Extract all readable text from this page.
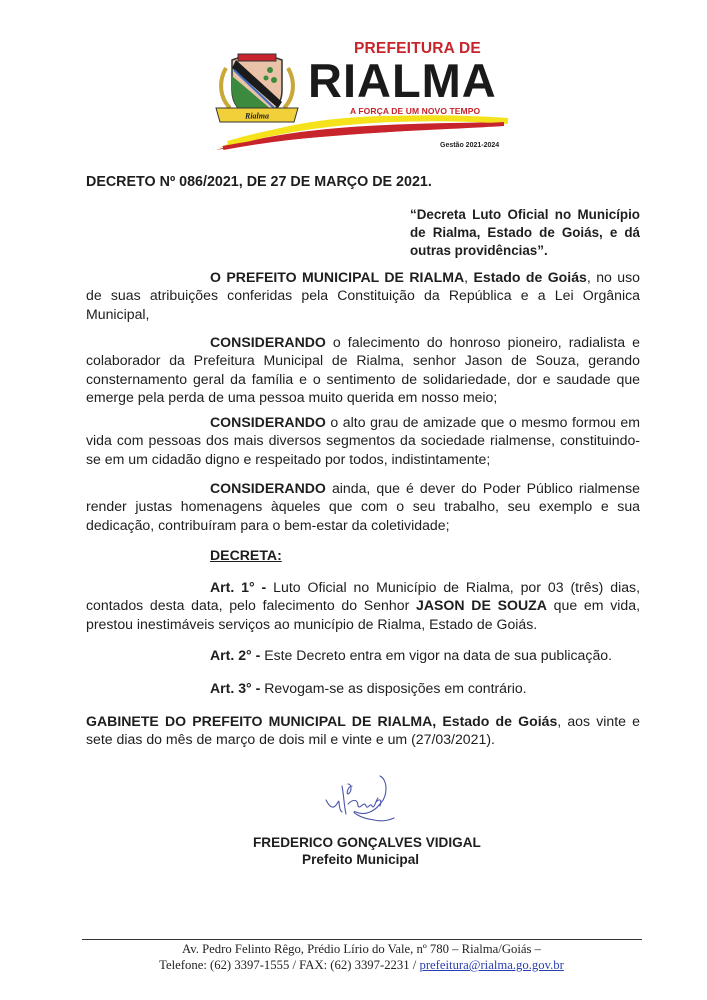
Rialma
PREFEITURA DE
RIALMA
A FORÇA DE UM NOVO TEMPO
Gestão 2021-2024
DECRETO Nº 086/2021, DE 27 DE MARÇO DE 2021.
“Decreta Luto Oficial no Município de Rialma, Estado de Goiás, e dá outras providências”.
O PREFEITO MUNICIPAL DE RIALMA, Estado de Goiás, no uso de suas atribuições conferidas pela Constituição da República e a Lei Orgânica Municipal,
CONSIDERANDO o falecimento do honroso pioneiro, radialista e colaborador da Prefeitura Municipal de Rialma, senhor Jason de Souza, gerando consternamento geral da família e o sentimento de solidariedade, dor e saudade que emerge pela perda de uma pessoa muito querida em nosso meio;
CONSIDERANDO o alto grau de amizade que o mesmo formou em vida com pessoas dos mais diversos segmentos da sociedade rialmense, constituindo-se em um cidadão digno e respeitado por todos, indistintamente;
CONSIDERANDO ainda, que é dever do Poder Público rialmense render justas homenagens àqueles que com o seu trabalho, seu exemplo e sua dedicação, contribuíram para o bem-estar da coletividade;
DECRETA:
Art. 1° - Luto Oficial no Município de Rialma, por 03 (três) dias, contados desta data, pelo falecimento do Senhor JASON DE SOUZA que em vida, prestou inestimáveis serviços ao município de Rialma, Estado de Goiás.
Art. 2° - Este Decreto entra em vigor na data de sua publicação.
Art. 3° - Revogam-se as disposições em contrário.
GABINETE DO PREFEITO MUNICIPAL DE RIALMA, Estado de Goiás, aos vinte e sete dias do mês de março de dois mil e vinte e um (27/03/2021).
FREDERICO GONÇALVES VIDIGAL
Prefeito Municipal
Av. Pedro Felinto Rêgo, Prédio Lírio do Vale, nº 780 – Rialma/Goiás –
Telefone: (62) 3397-1555 / FAX: (62) 3397-2231 / prefeitura@rialma.go.gov.br
